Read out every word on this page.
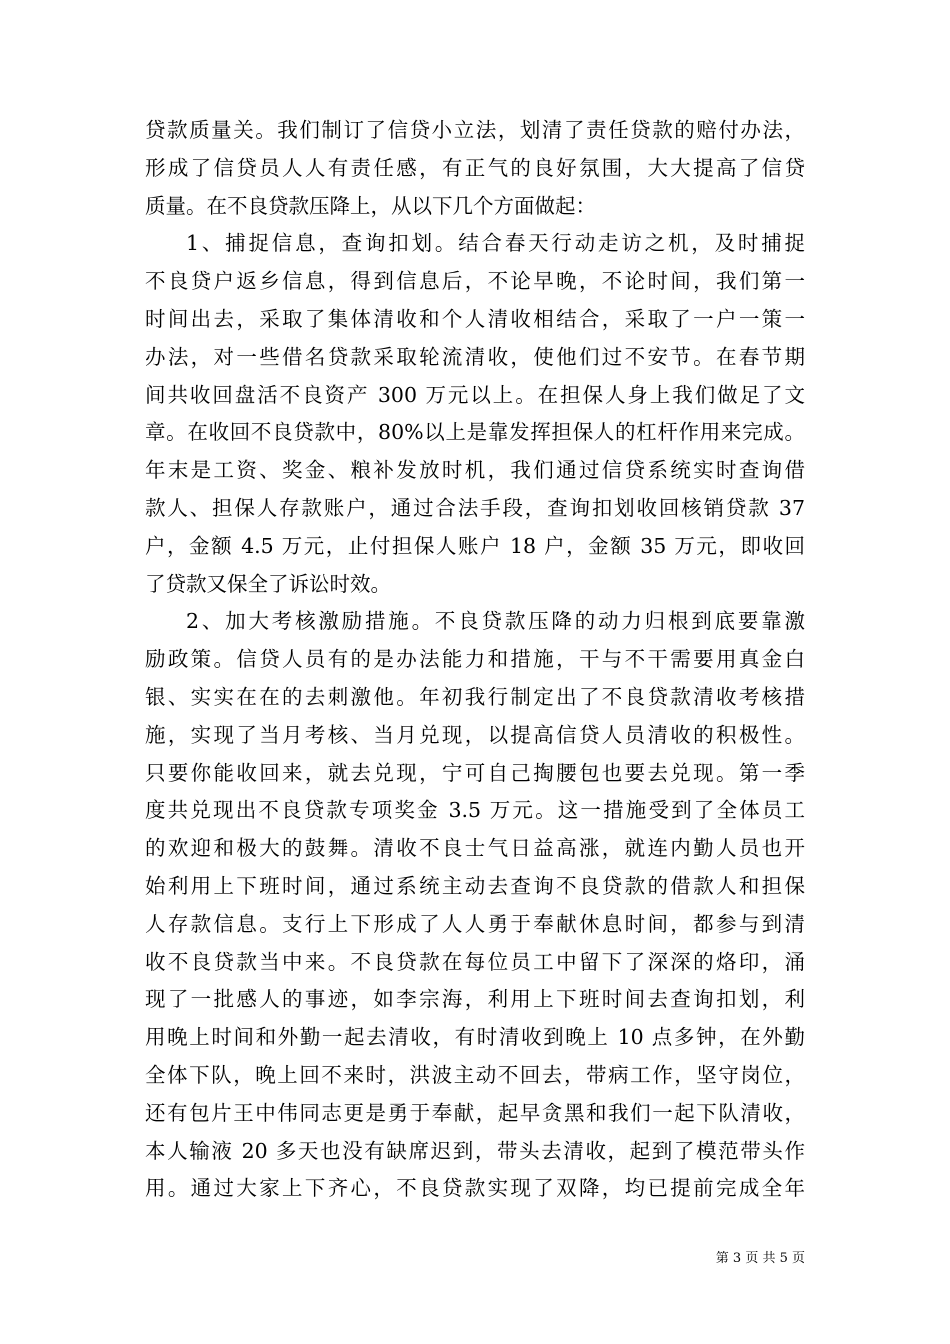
贷款质量关。我们制订了信贷小立法，划清了责任贷款的赔付办法，
形成了信贷员人人有责任感，有正气的良好氛围，大大提高了信贷
质量。在不良贷款压降上，从以下几个方面做起：
1、捕捉信息，查询扣划。结合春天行动走访之机，及时捕捉
不良贷户返乡信息，得到信息后，不论早晚，不论时间，我们第一
时间出去，采取了集体清收和个人清收相结合，采取了一户一策一
办法，对一些借名贷款采取轮流清收，使他们过不安节。在春节期
间共收回盘活不良资产 300 万元以上。在担保人身上我们做足了文
章。在收回不良贷款中，80%以上是靠发挥担保人的杠杆作用来完成。
年末是工资、奖金、粮补发放时机，我们通过信贷系统实时查询借
款人、担保人存款账户，通过合法手段，查询扣划收回核销贷款 37
户，金额 4.5 万元，止付担保人账户 18 户，金额 35 万元，即收回
了贷款又保全了诉讼时效。
2、加大考核激励措施。不良贷款压降的动力归根到底要靠激
励政策。信贷人员有的是办法能力和措施，干与不干需要用真金白
银、实实在在的去刺激他。年初我行制定出了不良贷款清收考核措
施，实现了当月考核、当月兑现，以提高信贷人员清收的积极性。
只要你能收回来，就去兑现，宁可自己掏腰包也要去兑现。第一季
度共兑现出不良贷款专项奖金 3.5 万元。这一措施受到了全体员工
的欢迎和极大的鼓舞。清收不良士气日益高涨，就连内勤人员也开
始利用上下班时间，通过系统主动去查询不良贷款的借款人和担保
人存款信息。支行上下形成了人人勇于奉献休息时间，都参与到清
收不良贷款当中来。不良贷款在每位员工中留下了深深的烙印，涌
现了一批感人的事迹，如李宗海，利用上下班时间去查询扣划，利
用晚上时间和外勤一起去清收，有时清收到晚上 10 点多钟，在外勤
全体下队，晚上回不来时，洪波主动不回去，带病工作，坚守岗位，
还有包片王中伟同志更是勇于奉献，起早贪黑和我们一起下队清收，
本人输液 20 多天也没有缺席迟到，带头去清收，起到了模范带头作
用。通过大家上下齐心，不良贷款实现了双降，均已提前完成全年
第 3 页 共 5 页
